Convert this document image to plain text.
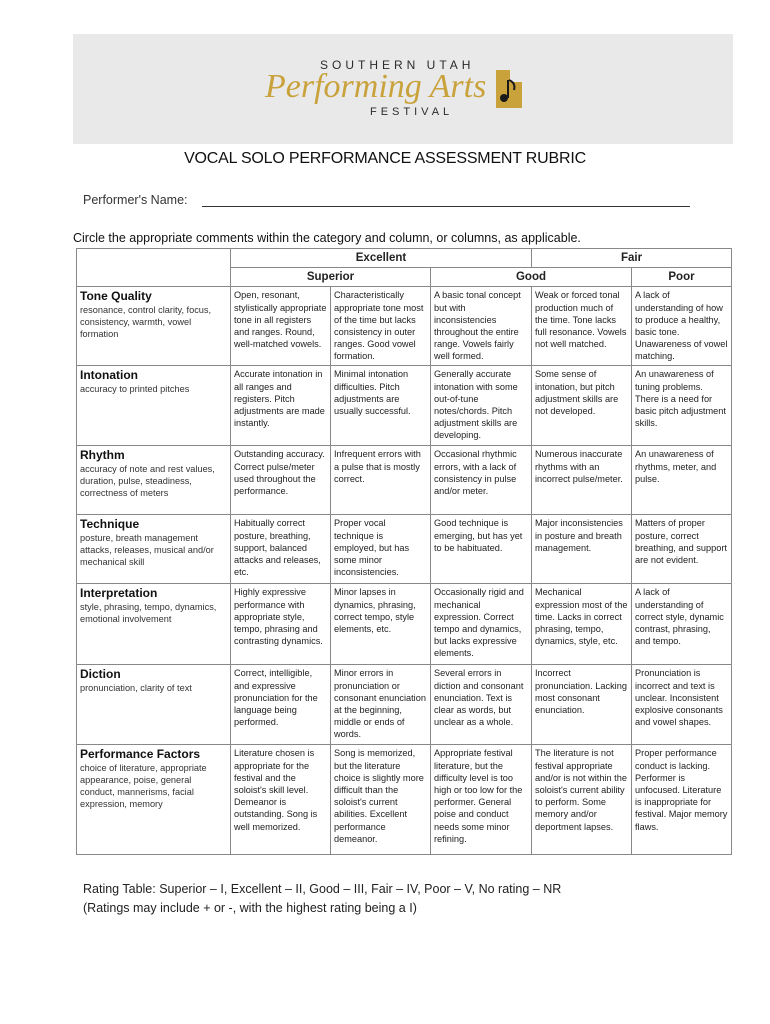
SOUTHERN UTAH
Performing Arts
FESTIVAL
VOCAL SOLO PERFORMANCE ASSESSMENT RUBRIC
Performer's Name:
Circle the appropriate comments within the category and column, or columns, as applicable.
	Excellent			Fair	
	Superior		Good		Poor

Tone Quality
resonance, control clarity, focus, consistency, warmth, vowel formation	Open, resonant, stylistically appropriate tone in all registers and ranges. Round, well-matched vowels.	Characteristically appropriate tone most of the time but lacks consistency in outer ranges. Good vowel formation.	A basic tonal concept but with inconsistencies throughout the entire range. Vowels fairly well formed.	Weak or forced tonal production much of the time. Tone lacks full resonance. Vowels not well matched.	A lack of understanding of how to produce a healthy, basic tone. Unawareness of vowel matching.

Intonation
accuracy to printed pitches	Accurate intonation in all ranges and registers. Pitch adjustments are made instantly.	Minimal intonation difficulties. Pitch adjustments are usually successful.	Generally accurate intonation with some out-of-tune notes/chords. Pitch adjustment skills are developing.	Some sense of intonation, but pitch adjustment skills are not developed.	An unawareness of tuning problems. There is a need for basic pitch adjustment skills.

Rhythm
accuracy of note and rest values, duration, pulse, steadiness, correctness of meters	Outstanding accuracy. Correct pulse/meter used throughout the performance.	Infrequent errors with a pulse that is mostly correct.	Occasional rhythmic errors, with a lack of consistency in pulse and/or meter.	Numerous inaccurate rhythms with an incorrect pulse/meter.	An unawareness of rhythms, meter, and pulse.

Technique
posture, breath management attacks, releases, musical and/or mechanical skill	Habitually correct posture, breathing, support, balanced attacks and releases, etc.	Proper vocal technique is employed, but has some minor inconsistencies.	Good technique is emerging, but has yet to be habituated.	Major inconsistencies in posture and breath management.	Matters of proper posture, correct breathing, and support are not evident.

Interpretation
style, phrasing, tempo, dynamics, emotional involvement	Highly expressive performance with appropriate style, tempo, phrasing and contrasting dynamics.	Minor lapses in dynamics, phrasing, correct tempo, style elements, etc.	Occasionally rigid and mechanical expression. Correct tempo and dynamics, but lacks expressive elements.	Mechanical expression most of the time. Lacks in correct phrasing, tempo, dynamics, style, etc.	A lack of understanding of correct style, dynamic contrast, phrasing, and tempo.

Diction
pronunciation, clarity of text	Correct, intelligible, and expressive pronunciation for the language being performed.	Minor errors in pronunciation or consonant enunciation at the beginning, middle or ends of words.	Several errors in diction and consonant enunciation. Text is clear as words, but unclear as a whole.	Incorrect pronunciation. Lacking most consonant enunciation.	Pronunciation is incorrect and text is unclear. Inconsistent explosive consonants and vowel shapes.

Performance Factors
choice of literature, appropriate appearance, poise, general conduct, mannerisms, facial expression, memory	Literature chosen is appropriate for the festival and the soloist's skill level. Demeanor is outstanding. Song is well memorized.	Song is memorized, but the literature choice is slightly more difficult than the soloist's current abilities. Excellent performance demeanor.	Appropriate festival literature, but the difficulty level is too high or too low for the performer. General poise and conduct needs some minor refining.	The literature is not festival appropriate and/or is not within the soloist's current ability to perform. Some memory and/or deportment lapses.	Proper performance conduct is lacking. Performer is unfocused. Literature is inappropriate for festival. Major memory flaws.
Rating Table: Superior – I, Excellent – II, Good – III, Fair – IV, Poor – V, No rating – NR
(Ratings may include + or -, with the highest rating being a I)
